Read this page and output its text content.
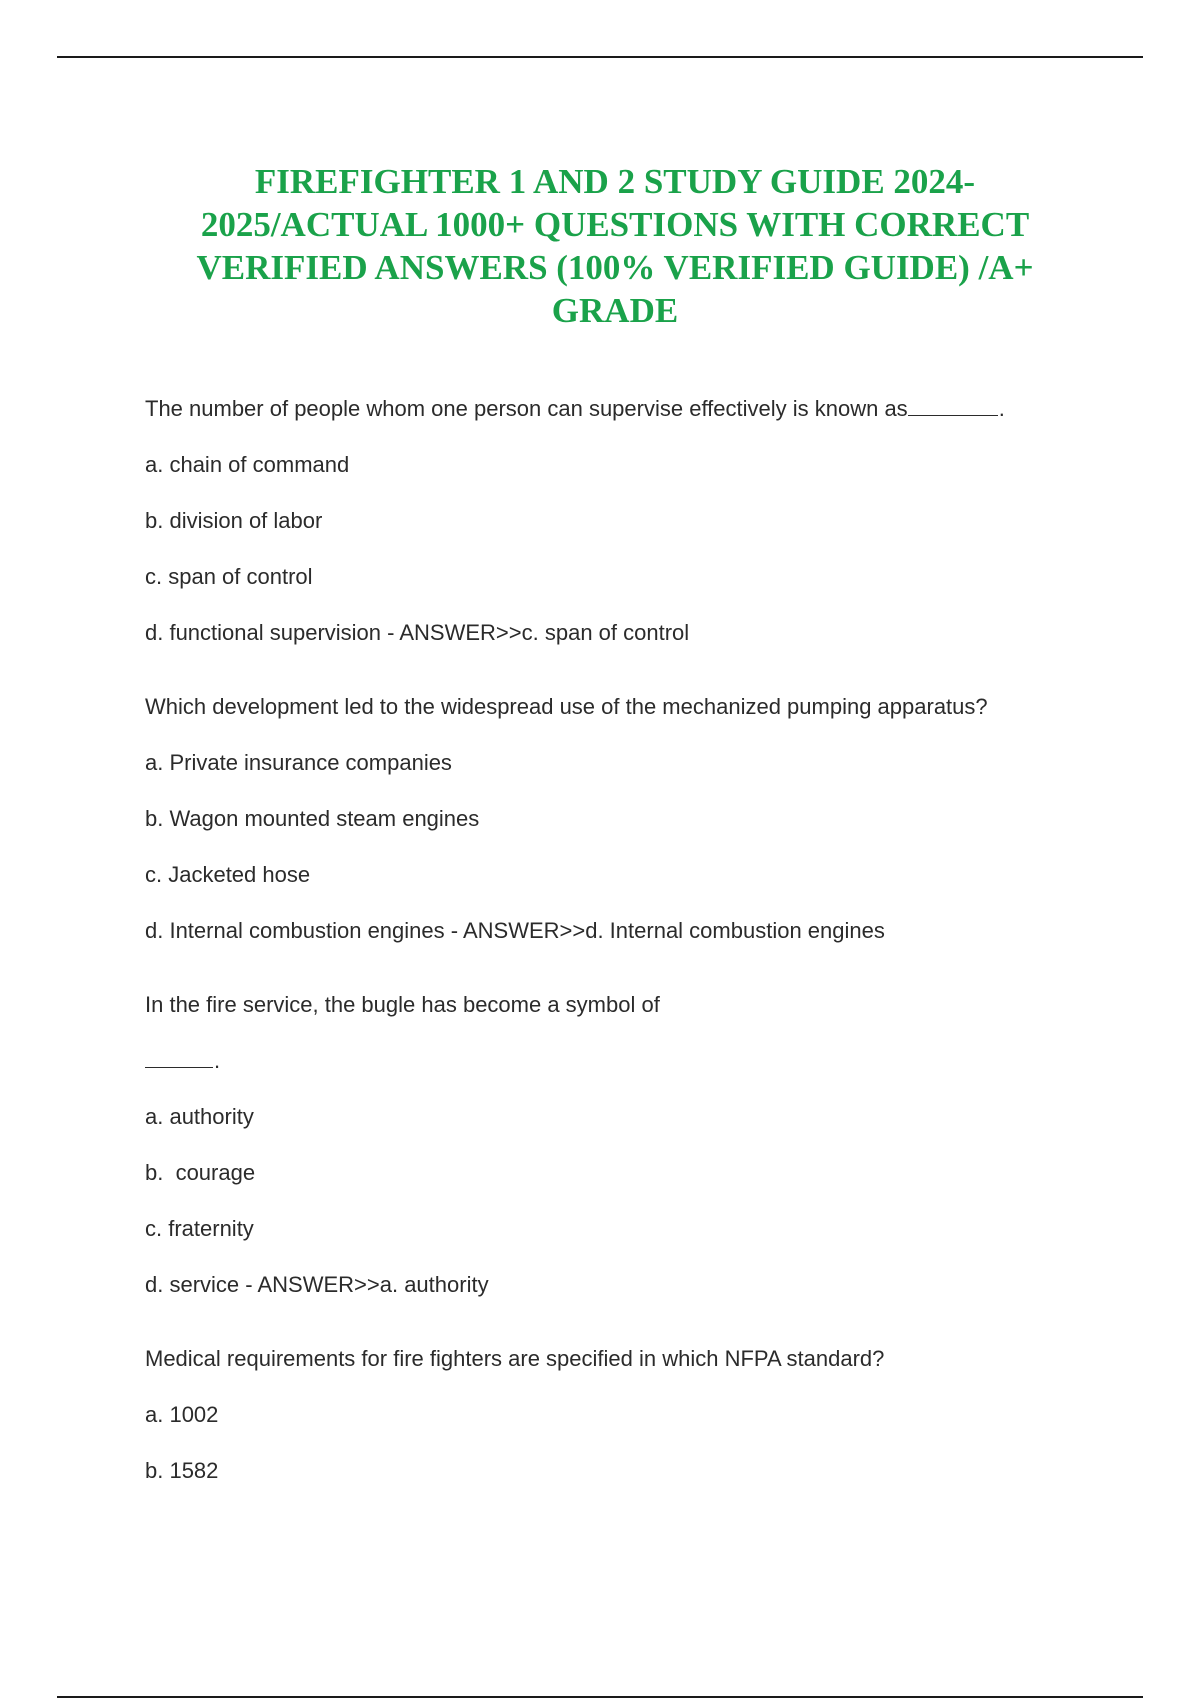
FIREFIGHTER 1 AND 2 STUDY GUIDE 2024-2025/ACTUAL 1000+ QUESTIONS WITH CORRECT VERIFIED ANSWERS (100% VERIFIED GUIDE) /A+ GRADE
The number of people whom one person can supervise effectively is known as	.
a. chain of command
b. division of labor
c. span of control
d. functional supervision - ANSWER>>c. span of control
Which development led to the widespread use of the mechanized pumping apparatus?
a. Private insurance companies
b. Wagon mounted steam engines
c. Jacketed hose
d. Internal combustion engines - ANSWER>>d. Internal combustion engines
In the fire service, the bugle has become a symbol of
.
a. authority
b.  courage
c. fraternity
d. service - ANSWER>>a. authority
Medical requirements for fire fighters are specified in which NFPA standard?
a. 1002
b. 1582
